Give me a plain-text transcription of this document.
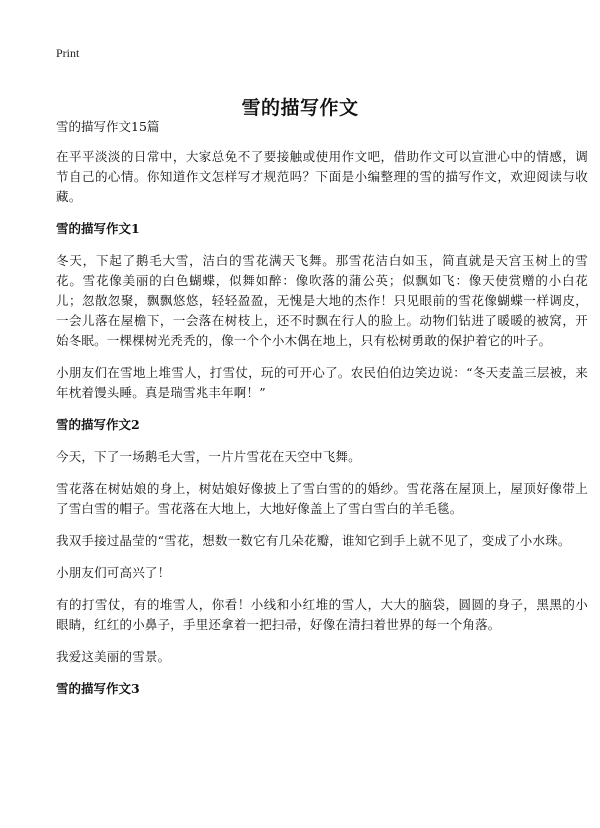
Print
雪的描写作文

雪的描写作文15篇

在平平淡淡的日常中，大家总免不了要接触或使用作文吧，借助作文可以宣泄心中的情感，调节自己的心情。你知道作文怎样写才规范吗？下面是小编整理的雪的描写作文，欢迎阅读与收藏。

雪的描写作文1

冬天，下起了鹅毛大雪，洁白的雪花满天飞舞。那雪花洁白如玉，简直就是天宫玉树上的雪花。雪花像美丽的白色蝴蝶，似舞如醉：像吹落的蒲公英；似飘如飞：像天使赏赠的小白花儿；忽散忽聚，飘飘悠悠，轻轻盈盈，无愧是大地的杰作！只见眼前的雪花像蝴蝶一样调皮，一会儿落在屋檐下，一会落在树枝上，还不时飘在行人的脸上。动物们钻进了暖暖的被窝，开始冬眠。一棵棵树光秃秃的，像一个个小木偶在地上，只有松树勇敢的保护着它的叶子。

小朋友们在雪地上堆雪人，打雪仗，玩的可开心了。农民伯伯边笑边说：“冬天麦盖三层被，来年枕着馒头睡。真是瑞雪兆丰年啊！”

雪的描写作文2

今天，下了一场鹅毛大雪，一片片雪花在天空中飞舞。

雪花落在树姑娘的身上，树姑娘好像披上了雪白雪的的婚纱。雪花落在屋顶上，屋顶好像带上了雪白雪的帽子。雪花落在大地上，大地好像盖上了雪白雪白的羊毛毯。

我双手接过晶莹的“雪花，想数一数它有几朵花瓣，谁知它到手上就不见了，变成了小水珠。

小朋友们可高兴了！

有的打雪仗，有的堆雪人，你看！小线和小红堆的雪人，大大的脑袋，圆圆的身子，黑黑的小眼睛，红红的小鼻子，手里还拿着一把扫帚，好像在清扫着世界的每一个角落。

我爱这美丽的雪景。

雪的描写作文3
